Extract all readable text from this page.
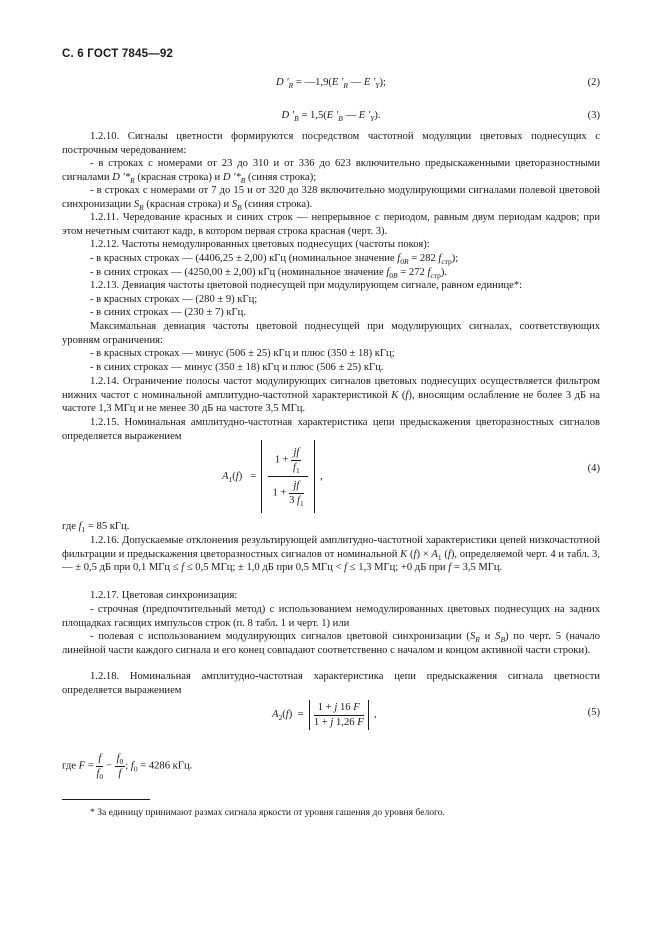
С. 6 ГОСТ 7845—92
D $'_R$ = —1,9(E $'_R$ — E $'_Y$);	(2)
D $'_B = 1,5(E$ $'_B$ — E $'_Y$).	(3)
1.2.10. Сигналы цветности формируются посредством частотной модуляции цветовых поднесущих с построчным чередованием:
- в строках с номерами от 23 до 310 и от 336 до 623 включительно предыскаженными цветоразностными сигналами D $'*_R$ (красная строка) и D $'*_B$ (синяя строка);
- в строках с номерами от 7 до 15 и от 320 до 328 включительно модулирующими сигналами полевой цветовой синхронизации $S_R$ (красная строка) и $S_B$ (синяя строка).
1.2.11. Чередование красных и синих строк — непрерывное с периодом, равным двум периодам кадров; при этом нечетным считают кадр, в котором первая строка красная (черт. 3).
1.2.12. Частоты немодулированных цветовых поднесущих (частоты покоя):
- в красных строках — (4406,25 ± 2,00) кГц (номинальное значение $f_{0R} = 282$ $f_{стр}$);
- в синих строках — (4250,00 ± 2,00) кГц (номинальное значение $f_{0B} = 272$ $f_{стр}$).
1.2.13. Девиация частоты цветовой поднесущей при модулирующем сигнале, равном единице*:
- в красных строках — (280 ± 9) кГц;
- в синих строках — (230 ± 7) кГц.
Максимальная девиация частоты цветовой поднесущей при модулирующих сигналах, соответствующих уровням ограничения:
- в красных строках — минус (506 ± 25) кГц и плюс (350 ± 18) кГц;
- в синих строках — минус (350 ± 18) кГц и плюс (506 ± 25) кГц.
1.2.14. Ограничение полосы частот модулирующих сигналов цветовых поднесущих осуществляется фильтром нижних частот с номинальной амплитудно-частотной характеристикой K (f), вносящим ослабление не более 3 дБ на частоте 1,3 МГц и не менее 30 дБ на частоте 3,5 МГц.
1.2.15. Номинальная амплитудно-частотная характеристика цепи предыскажения цветоразностных сигналов определяется выражением
$A_1(f) = \frac{1 + \frac{jf}{f_1}}{1 + \frac{jf}{3 f_1}}$ ,
(4)
где $f_1 = 85$ кГц.
1.2.16. Допускаемые отклонения результирующей амплитудно-частотной характеристики цепей низкочастотной фильтрации и предыскажения цветоразностных сигналов от номинальной K $(f) \times A_1$ (f), определяемой черт. 4 и табл. 3, — ± 0,5 дБ при 0,1 МГц ≤ f ≤ 0,5 МГц; ± 1,0 дБ при 0,5 МГц < f ≤ 1,3 МГц; +0 дБ при f = 3,5 МГц.
1.2.17. Цветовая синхронизация:
- строчная (предпочтительный метод) с использованием немодулированных цветовых поднесущих на задних площадках гасящих импульсов строк (п. 8 табл. 1 и черт. 1) или
- полевая с использованием модулирующих сигналов цветовой синхронизации ($S_R$ и $S_B$) по черт. 5 (начало линейной части каждого сигнала и его конец совпадают соответственно с началом и концом активной части строки).
1.2.18. Номинальная амплитудно-частотная характеристика цепи предыскажения сигнала цветности определяется выражением
$A_2(f) = \frac{1 + j 16 F}{1 + j 1,26 F}$ ,	(5)
где $F = \frac{f}{f_0} - \frac{f_0}{f}$ ; $f_0 = 4286$ кГц.
* За единицу принимают размах сигнала яркости от уровня гашения до уровня белого.
